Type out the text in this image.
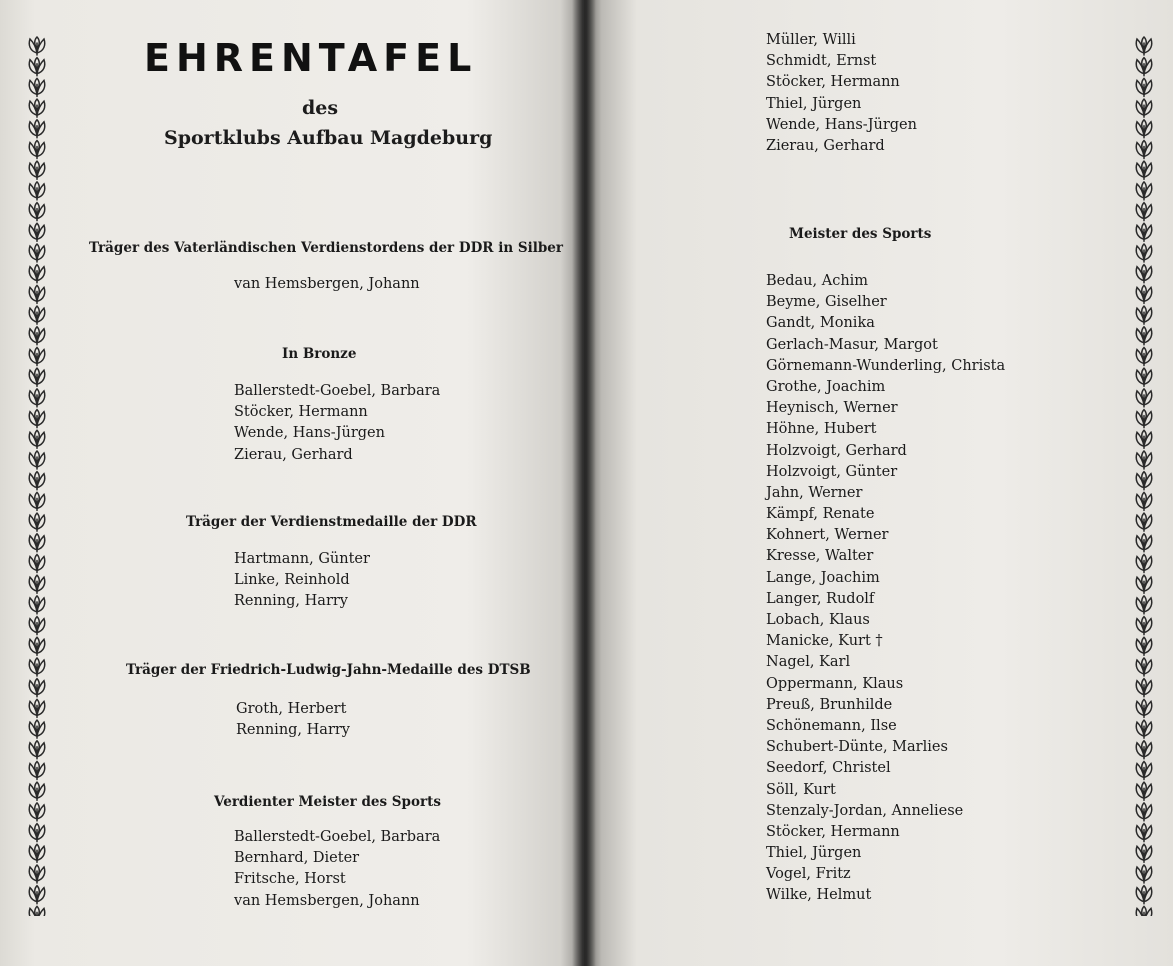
EHRENTAFEL
des
Sportklubs Aufbau Magdeburg
Träger des Vaterländischen Verdienstordens der DDR in Silber
van Hemsbergen, Johann
In Bronze
Ballerstedt-Goebel, Barbara
Stöcker, Hermann
Wende, Hans-Jürgen
Zierau, Gerhard
Träger der Verdienstmedaille der DDR
Hartmann, Günter
Linke, Reinhold
Renning, Harry
Träger der Friedrich-Ludwig-Jahn-Medaille des DTSB
Groth, Herbert
Renning, Harry
Verdienter Meister des Sports
Ballerstedt-Goebel, Barbara
Bernhard, Dieter
Fritsche, Horst
van Hemsbergen, Johann
Müller, Willi
Schmidt, Ernst
Stöcker, Hermann
Thiel, Jürgen
Wende, Hans-Jürgen
Zierau, Gerhard
Meister des Sports
Bedau, Achim
Beyme, Giselher
Gandt, Monika
Gerlach-Masur, Margot
Görnemann-Wunderling, Christa
Grothe, Joachim
Heynisch, Werner
Höhne, Hubert
Holzvoigt, Gerhard
Holzvoigt, Günter
Jahn, Werner
Kämpf, Renate
Kohnert, Werner
Kresse, Walter
Lange, Joachim
Langer, Rudolf
Lobach, Klaus
Manicke, Kurt †
Nagel, Karl
Oppermann, Klaus
Preuß, Brunhilde
Schönemann, Ilse
Schubert-Dünte, Marlies
Seedorf, Christel
Söll, Kurt
Stenzaly-Jordan, Anneliese
Stöcker, Hermann
Thiel, Jürgen
Vogel, Fritz
Wilke, Helmut
